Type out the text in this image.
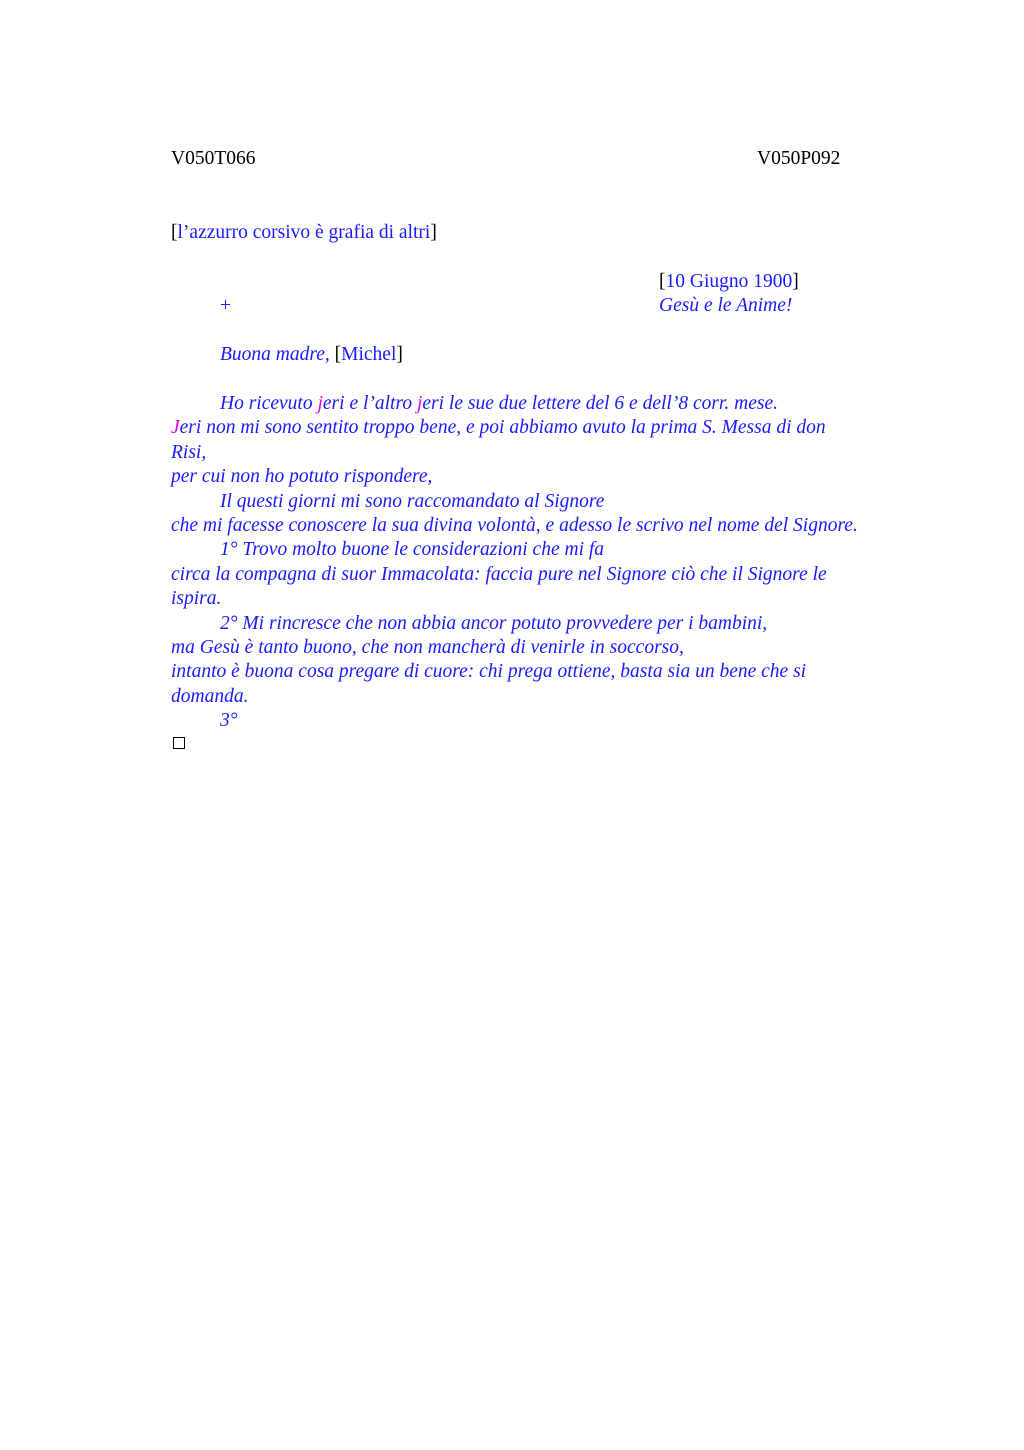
V050T066	V050P092
[l’azzurro corsivo è grafia di altri]
[10 Giugno 1900]
+	Gesù e le Anime!
Buona madre, [Michel]
Ho ricevuto jeri e l’altro jeri le sue due lettere del 6 e dell’8 corr. mese.
Jeri non mi sono sentito troppo bene, e poi abbiamo avuto la prima S. Messa di don
Risi,
per cui non ho potuto rispondere,
Il questi giorni mi sono raccomandato al Signore
che mi facesse conoscere la sua divina volontà, e adesso le scrivo nel nome del Signore.
1° Trovo molto buone le considerazioni che mi fa
circa la compagna di suor Immacolata: faccia pure nel Signore ciò che il Signore le
ispira.
2° Mi rincresce che non abbia ancor potuto provvedere per i bambini,
ma Gesù è tanto buono, che non mancherà di venirle in soccorso,
intanto è buona cosa pregare di cuore: chi prega ottiene, basta sia un bene che si
domanda.
3°
